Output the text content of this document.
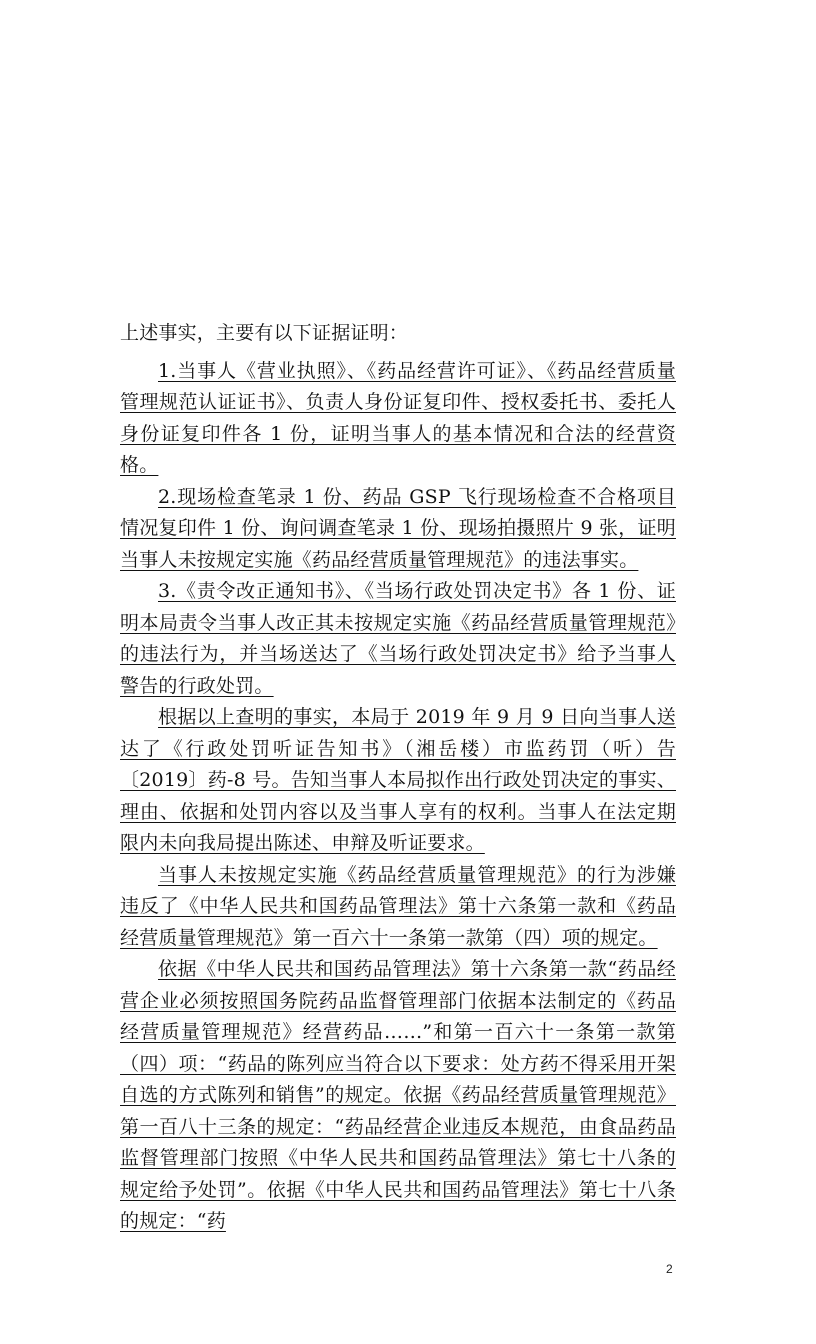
上述事实，主要有以下证据证明：

1.当事人《营业执照》、《药品经营许可证》、《药品经营质量管理规范认证证书》、负责人身份证复印件、授权委托书、委托人身份证复印件各 1 份，证明当事人的基本情况和合法的经营资格。

2.现场检查笔录 1 份、药品 GSP 飞行现场检查不合格项目情况复印件 1 份、询问调查笔录 1 份、现场拍摄照片 9 张，证明当事人未按规定实施《药品经营质量管理规范》的违法事实。

3.《责令改正通知书》、《当场行政处罚决定书》各 1 份、证明本局责令当事人改正其未按规定实施《药品经营质量管理规范》的违法行为，并当场送达了《当场行政处罚决定书》给予当事人警告的行政处罚。

根据以上查明的事实，本局于 2019 年 9 月 9 日向当事人送达了《行政处罚听证告知书》（湘岳楼）市监药罚（听）告〔2019〕药-8 号。告知当事人本局拟作出行政处罚决定的事实、理由、依据和处罚内容以及当事人享有的权利。当事人在法定期限内未向我局提出陈述、申辩及听证要求。

当事人未按规定实施《药品经营质量管理规范》的行为涉嫌违反了《中华人民共和国药品管理法》第十六条第一款和《药品经营质量管理规范》第一百六十一条第一款第（四）项的规定。

依据《中华人民共和国药品管理法》第十六条第一款“药品经营企业必须按照国务院药品监督管理部门依据本法制定的《药品经营质量管理规范》经营药品……”和第一百六十一条第一款第（四）项：“药品的陈列应当符合以下要求：处方药不得采用开架自选的方式陈列和销售”的规定。依据《药品经营质量管理规范》第一百八十三条的规定：“药品经营企业违反本规范，由食品药品监督管理部门按照《中华人民共和国药品管理法》第七十八条的规定给予处罚”。依据《中华人民共和国药品管理法》第七十八条的规定：“药

2
